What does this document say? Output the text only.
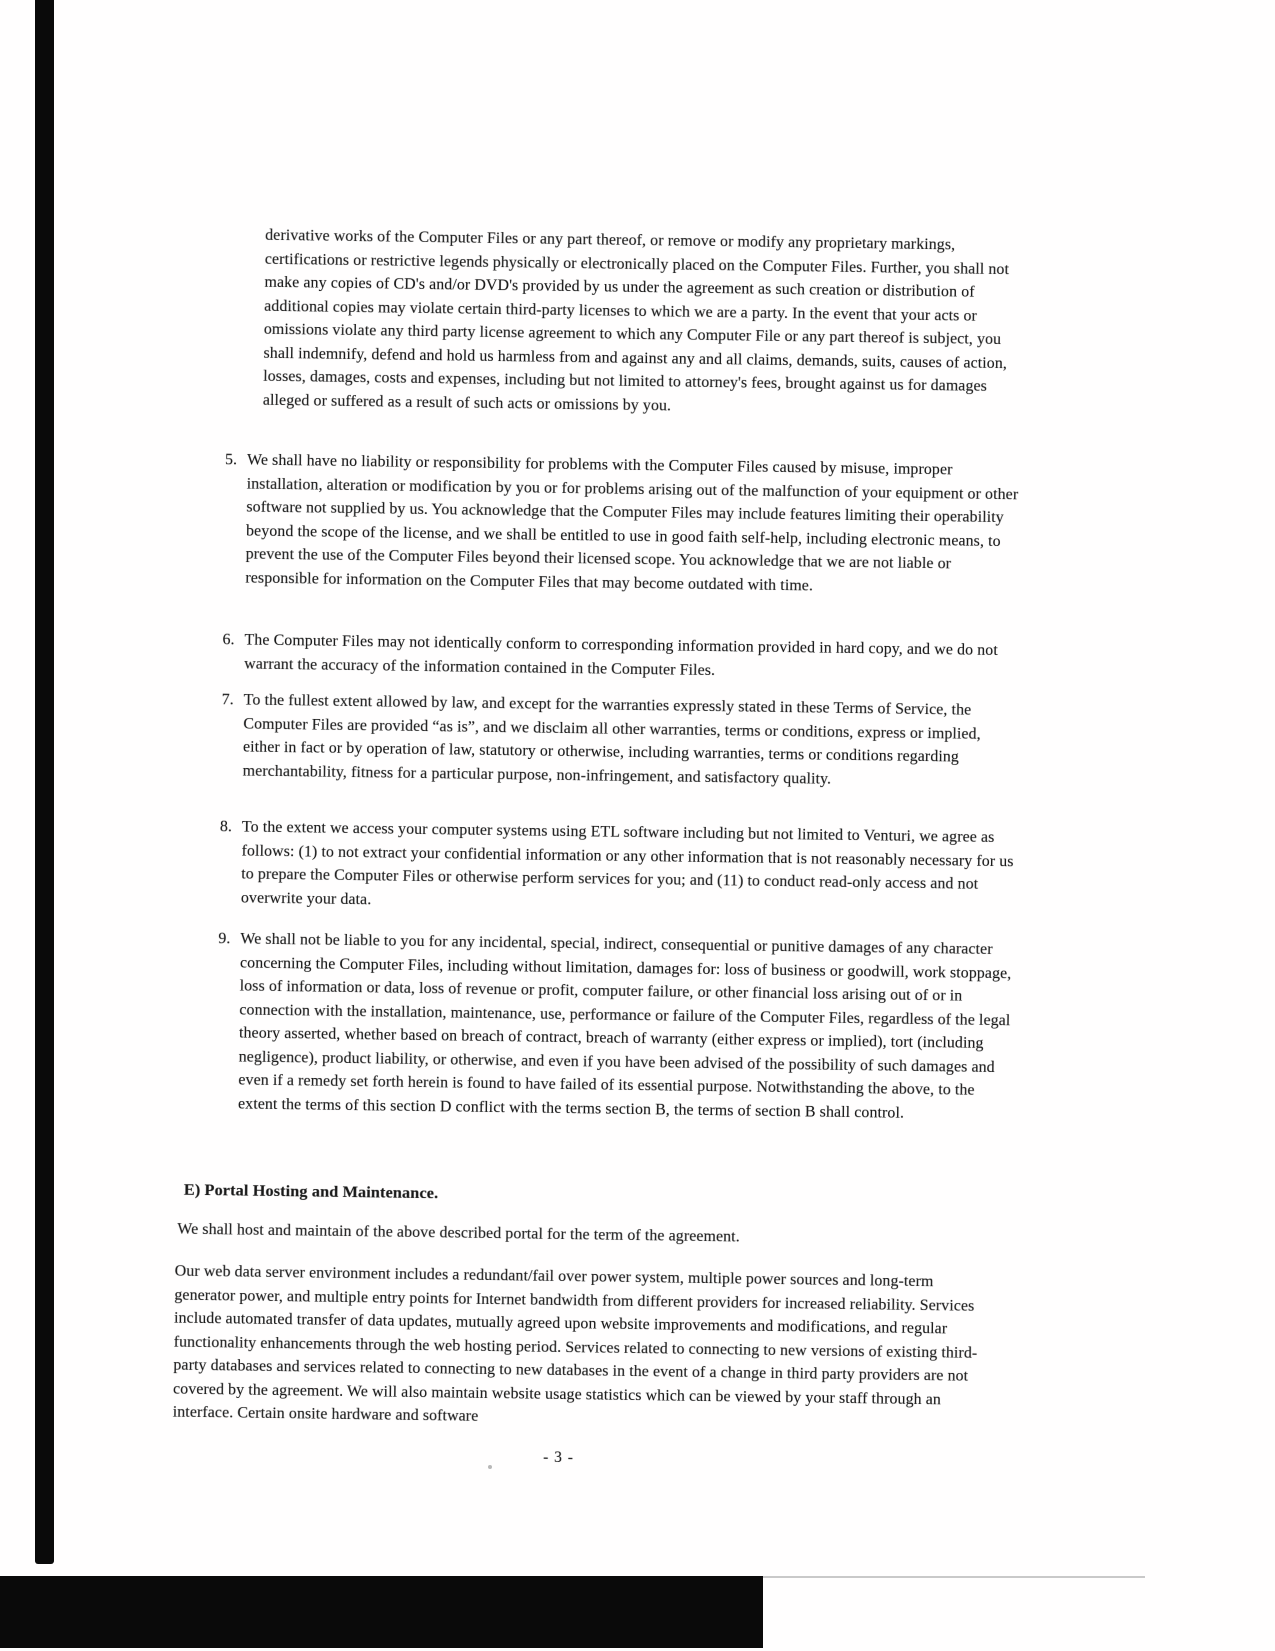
derivative works of the Computer Files or any part thereof, or remove or modify any proprietary markings, certifications or restrictive legends physically or electronically placed on the Computer Files. Further, you shall not make any copies of CD's and/or DVD's provided by us under the agreement as such creation or distribution of additional copies may violate certain third-party licenses to which we are a party. In the event that your acts or omissions violate any third party license agreement to which any Computer File or any part thereof is subject, you shall indemnify, defend and hold us harmless from and against any and all claims, demands, suits, causes of action, losses, damages, costs and expenses, including but not limited to attorney's fees, brought against us for damages alleged or suffered as a result of such acts or omissions by you.
5. We shall have no liability or responsibility for problems with the Computer Files caused by misuse, improper installation, alteration or modification by you or for problems arising out of the malfunction of your equipment or other software not supplied by us. You acknowledge that the Computer Files may include features limiting their operability beyond the scope of the license, and we shall be entitled to use in good faith self-help, including electronic means, to prevent the use of the Computer Files beyond their licensed scope. You acknowledge that we are not liable or responsible for information on the Computer Files that may become outdated with time.
6. The Computer Files may not identically conform to corresponding information provided in hard copy, and we do not warrant the accuracy of the information contained in the Computer Files.
7. To the fullest extent allowed by law, and except for the warranties expressly stated in these Terms of Service, the Computer Files are provided “as is”, and we disclaim all other warranties, terms or conditions, express or implied, either in fact or by operation of law, statutory or otherwise, including warranties, terms or conditions regarding merchantability, fitness for a particular purpose, non-infringement, and satisfactory quality.
8. To the extent we access your computer systems using ETL software including but not limited to Venturi, we agree as follows: (1) to not extract your confidential information or any other information that is not reasonably necessary for us to prepare the Computer Files or otherwise perform services for you; and (11) to conduct read-only access and not overwrite your data.
9. We shall not be liable to you for any incidental, special, indirect, consequential or punitive damages of any character concerning the Computer Files, including without limitation, damages for: loss of business or goodwill, work stoppage, loss of information or data, loss of revenue or profit, computer failure, or other financial loss arising out of or in connection with the installation, maintenance, use, performance or failure of the Computer Files, regardless of the legal theory asserted, whether based on breach of contract, breach of warranty (either express or implied), tort (including negligence), product liability, or otherwise, and even if you have been advised of the possibility of such damages and even if a remedy set forth herein is found to have failed of its essential purpose. Notwithstanding the above, to the extent the terms of this section D conflict with the terms section B, the terms of section B shall control.
E) Portal Hosting and Maintenance.
We shall host and maintain of the above described portal for the term of the agreement.
Our web data server environment includes a redundant/fail over power system, multiple power sources and long-term generator power, and multiple entry points for Internet bandwidth from different providers for increased reliability. Services include automated transfer of data updates, mutually agreed upon website improvements and modifications, and regular functionality enhancements through the web hosting period. Services related to connecting to new versions of existing third-party databases and services related to connecting to new databases in the event of a change in third party providers are not covered by the agreement. We will also maintain website usage statistics which can be viewed by your staff through an interface. Certain onsite hardware and software
- 3 -
